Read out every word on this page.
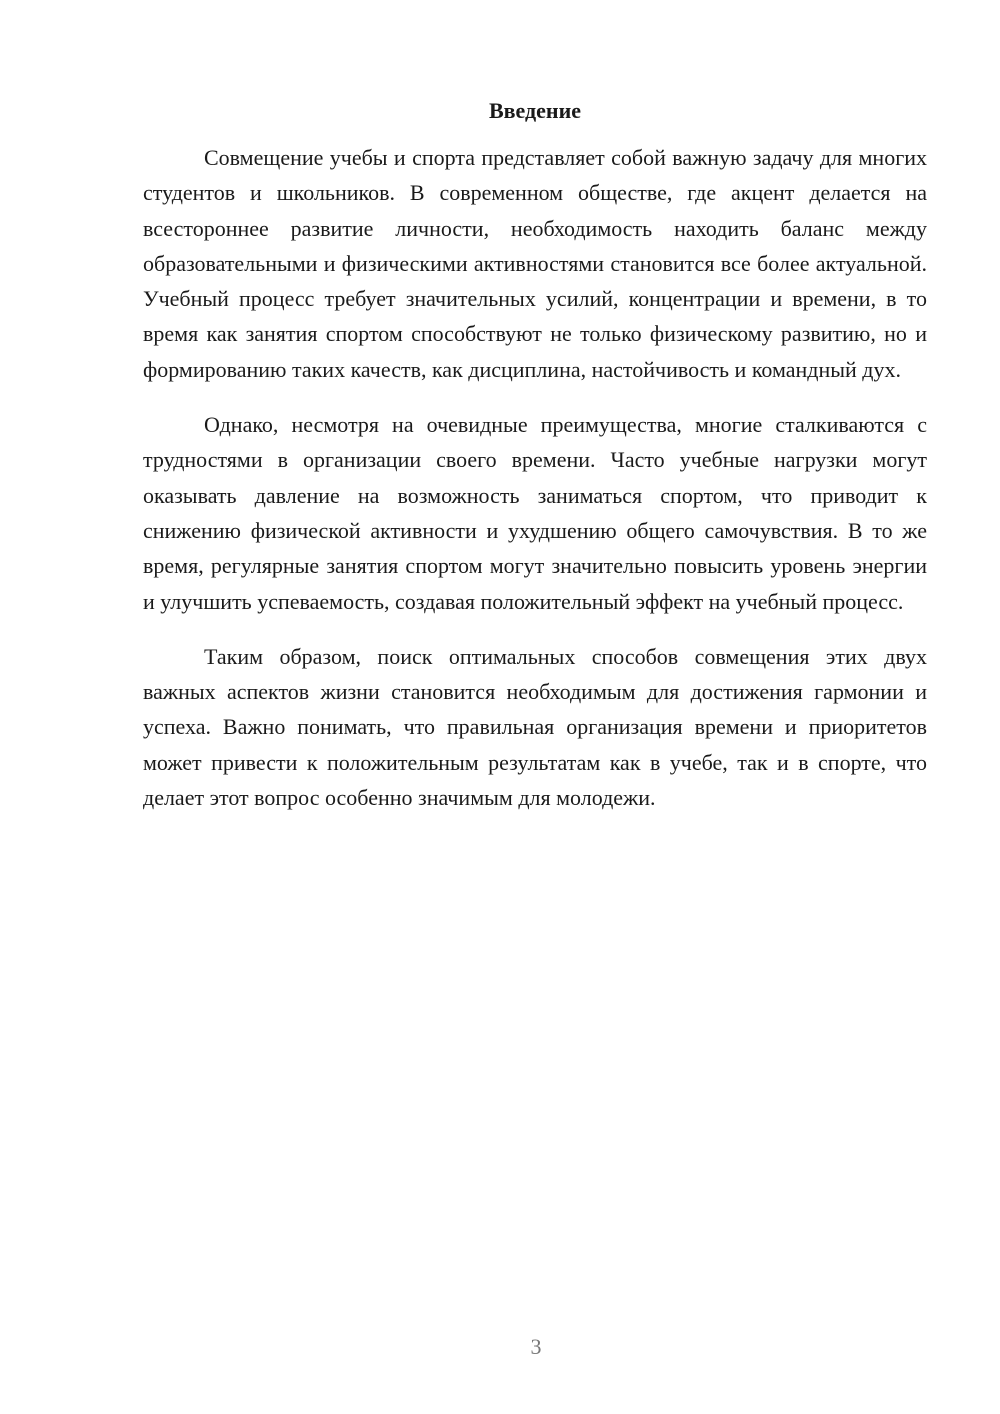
Введение

Совмещение учебы и спорта представляет собой важную задачу для многих студентов и школьников. В современном обществе, где акцент делается на всестороннее развитие личности, необходимость находить баланс между образовательными и физическими активностями становится все более актуальной. Учебный процесс требует значительных усилий, концентрации и времени, в то время как занятия спортом способствуют не только физическому развитию, но и формированию таких качеств, как дисциплина, настойчивость и командный дух.

Однако, несмотря на очевидные преимущества, многие сталкиваются с трудностями в организации своего времени. Часто учебные нагрузки могут оказывать давление на возможность заниматься спортом, что приводит к снижению физической активности и ухудшению общего самочувствия. В то же время, регулярные занятия спортом могут значительно повысить уровень энергии и улучшить успеваемость, создавая положительный эффект на учебный процесс.

Таким образом, поиск оптимальных способов совмещения этих двух важных аспектов жизни становится необходимым для достижения гармонии и успеха. Важно понимать, что правильная организация времени и приоритетов может привести к положительным результатам как в учебе, так и в спорте, что делает этот вопрос особенно значимым для молодежи.

3
